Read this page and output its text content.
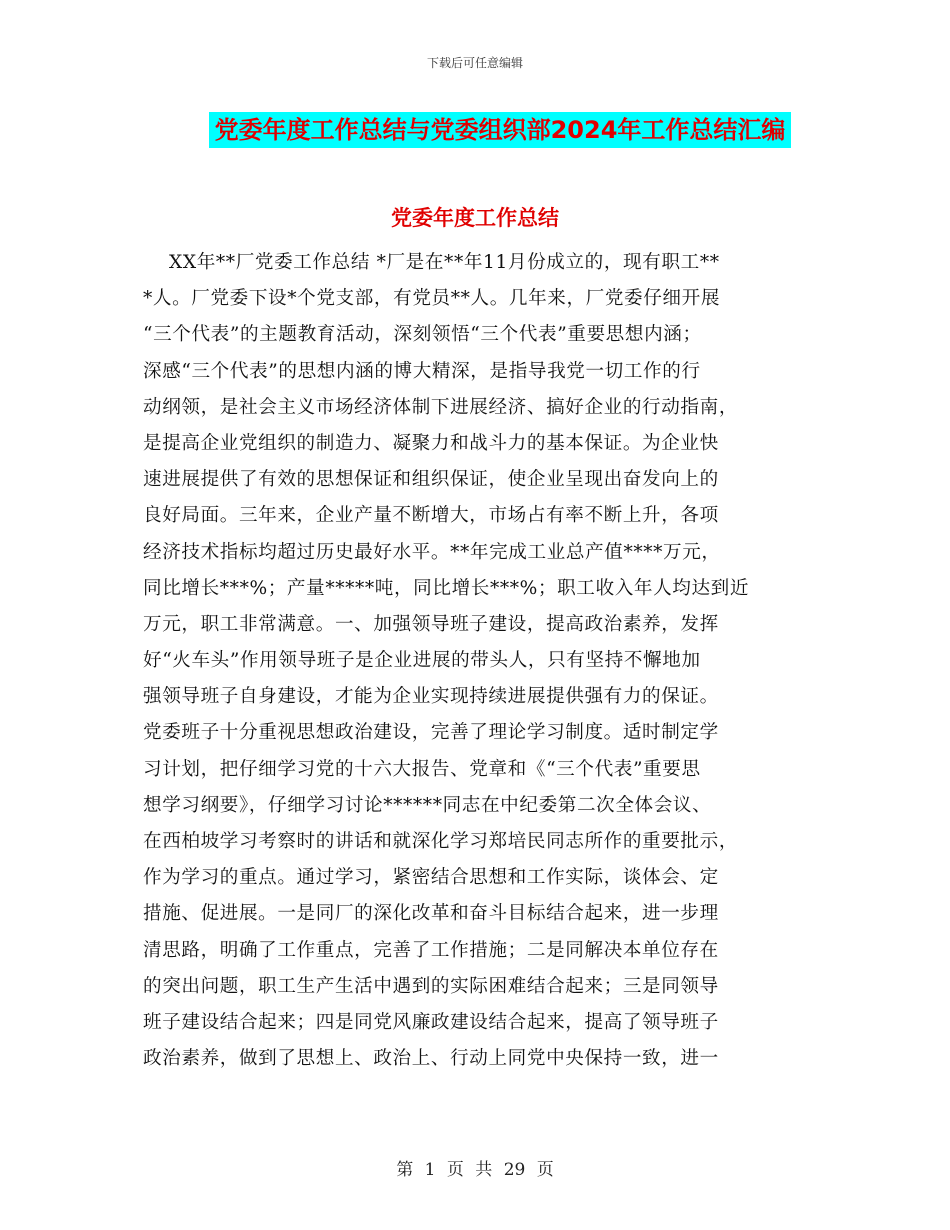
下载后可任意编辑
党委年度工作总结与党委组织部2024年工作总结汇编
党委年度工作总结
XX年**厂党委工作总结 *厂是在**年11月份成立的，现有职工**
*人。厂党委下设*个党支部，有党员**人。几年来，厂党委仔细开展
“三个代表”的主题教育活动，深刻领悟“三个代表”重要思想内涵；
深感“三个代表”的思想内涵的博大精深，是指导我党一切工作的行
动纲领，是社会主义市场经济体制下进展经济、搞好企业的行动指南，
是提高企业党组织的制造力、凝聚力和战斗力的基本保证。为企业快
速进展提供了有效的思想保证和组织保证，使企业呈现出奋发向上的
良好局面。三年来，企业产量不断增大，市场占有率不断上升，各项
经济技术指标均超过历史最好水平。**年完成工业总产值****万元，
同比增长***%；产量*****吨，同比增长***%；职工收入年人均达到近
万元，职工非常满意。一、加强领导班子建设，提高政治素养，发挥
好“火车头”作用领导班子是企业进展的带头人，只有坚持不懈地加
强领导班子自身建设，才能为企业实现持续进展提供强有力的保证。
党委班子十分重视思想政治建设，完善了理论学习制度。适时制定学
习计划，把仔细学习党的十六大报告、党章和《“三个代表”重要思
想学习纲要》，仔细学习讨论******同志在中纪委第二次全体会议、
在西柏坡学习考察时的讲话和就深化学习郑培民同志所作的重要批示，
作为学习的重点。通过学习，紧密结合思想和工作实际，谈体会、定
措施、促进展。一是同厂的深化改革和奋斗目标结合起来，进一步理
清思路，明确了工作重点，完善了工作措施；二是同解决本单位存在
的突出问题，职工生产生活中遇到的实际困难结合起来；三是同领导
班子建设结合起来；四是同党风廉政建设结合起来，提高了领导班子
政治素养，做到了思想上、政治上、行动上同党中央保持一致，进一
第 1 页 共 29 页
